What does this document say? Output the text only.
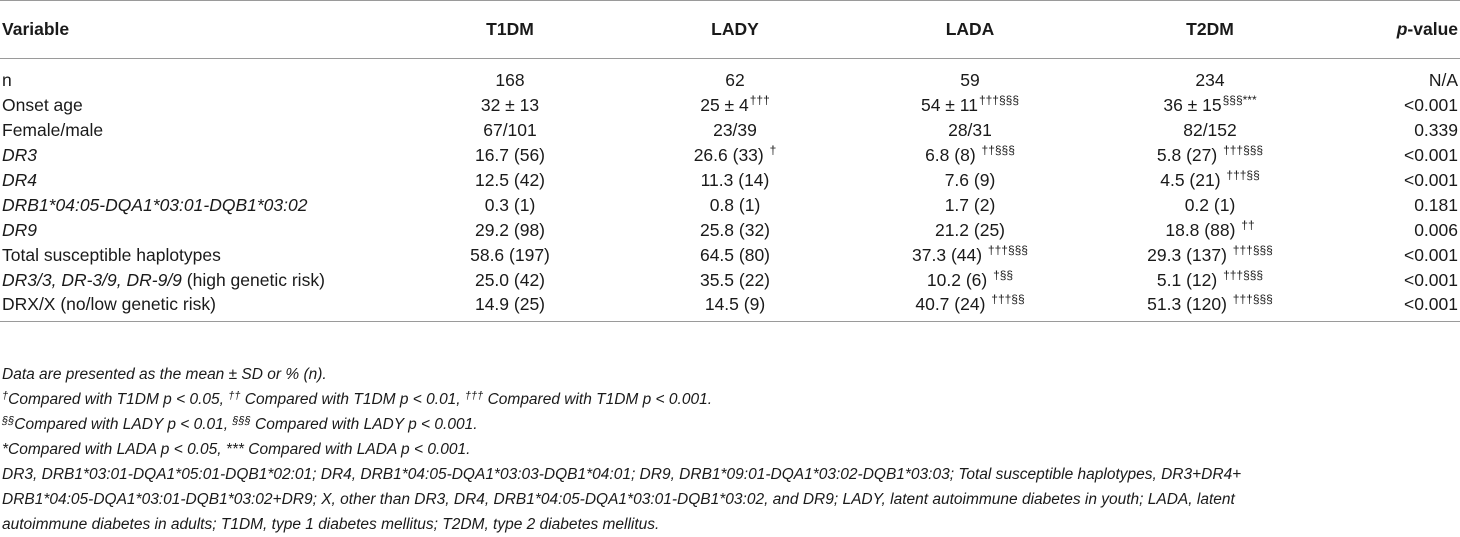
Variable	T1DM	LADY	LADA	T2DM	p-value
n	168	62	59	234	N/A
Onset age	32 ± 13	25 ± 4†††	54 ± 11†††§§§	36 ± 15§§§***	<0.001
Female/male	67/101	23/39	28/31	82/152	0.339
DR3	16.7 (56)	26.6 (33) †	6.8 (8) ††§§§	5.8 (27) †††§§§	<0.001
DR4	12.5 (42)	11.3 (14)	7.6 (9)	4.5 (21) †††§§	<0.001
DRB1*04:05-DQA1*03:01-DQB1*03:02	0.3 (1)	0.8 (1)	1.7 (2)	0.2 (1)	0.181
DR9	29.2 (98)	25.8 (32)	21.2 (25)	18.8 (88) ††	0.006
Total susceptible haplotypes	58.6 (197)	64.5 (80)	37.3 (44) †††§§§	29.3 (137) †††§§§	<0.001
DR3/3, DR-3/9, DR-9/9 (high genetic risk)	25.0 (42)	35.5 (22)	10.2 (6) †§§	5.1 (12) †††§§§	<0.001
DRX/X (no/low genetic risk)	14.9 (25)	14.5 (9)	40.7 (24) †††§§	51.3 (120) †††§§§	<0.001

Data are presented as the mean ± SD or % (n).

†Compared with T1DM p < 0.05, †† Compared with T1DM p < 0.01, ††† Compared with T1DM p < 0.001.

§§Compared with LADY p < 0.01, §§§ Compared with LADY p < 0.001.

*Compared with LADA p < 0.05, *** Compared with LADA p < 0.001.

DR3, DRB1*03:01-DQA1*05:01-DQB1*02:01; DR4, DRB1*04:05-DQA1*03:03-DQB1*04:01; DR9, DRB1*09:01-DQA1*03:02-DQB1*03:03; Total susceptible haplotypes, DR3+DR4+

DRB1*04:05-DQA1*03:01-DQB1*03:02+DR9; X, other than DR3, DR4, DRB1*04:05-DQA1*03:01-DQB1*03:02, and DR9; LADY, latent autoimmune diabetes in youth; LADA, latent

autoimmune diabetes in adults; T1DM, type 1 diabetes mellitus; T2DM, type 2 diabetes mellitus.
